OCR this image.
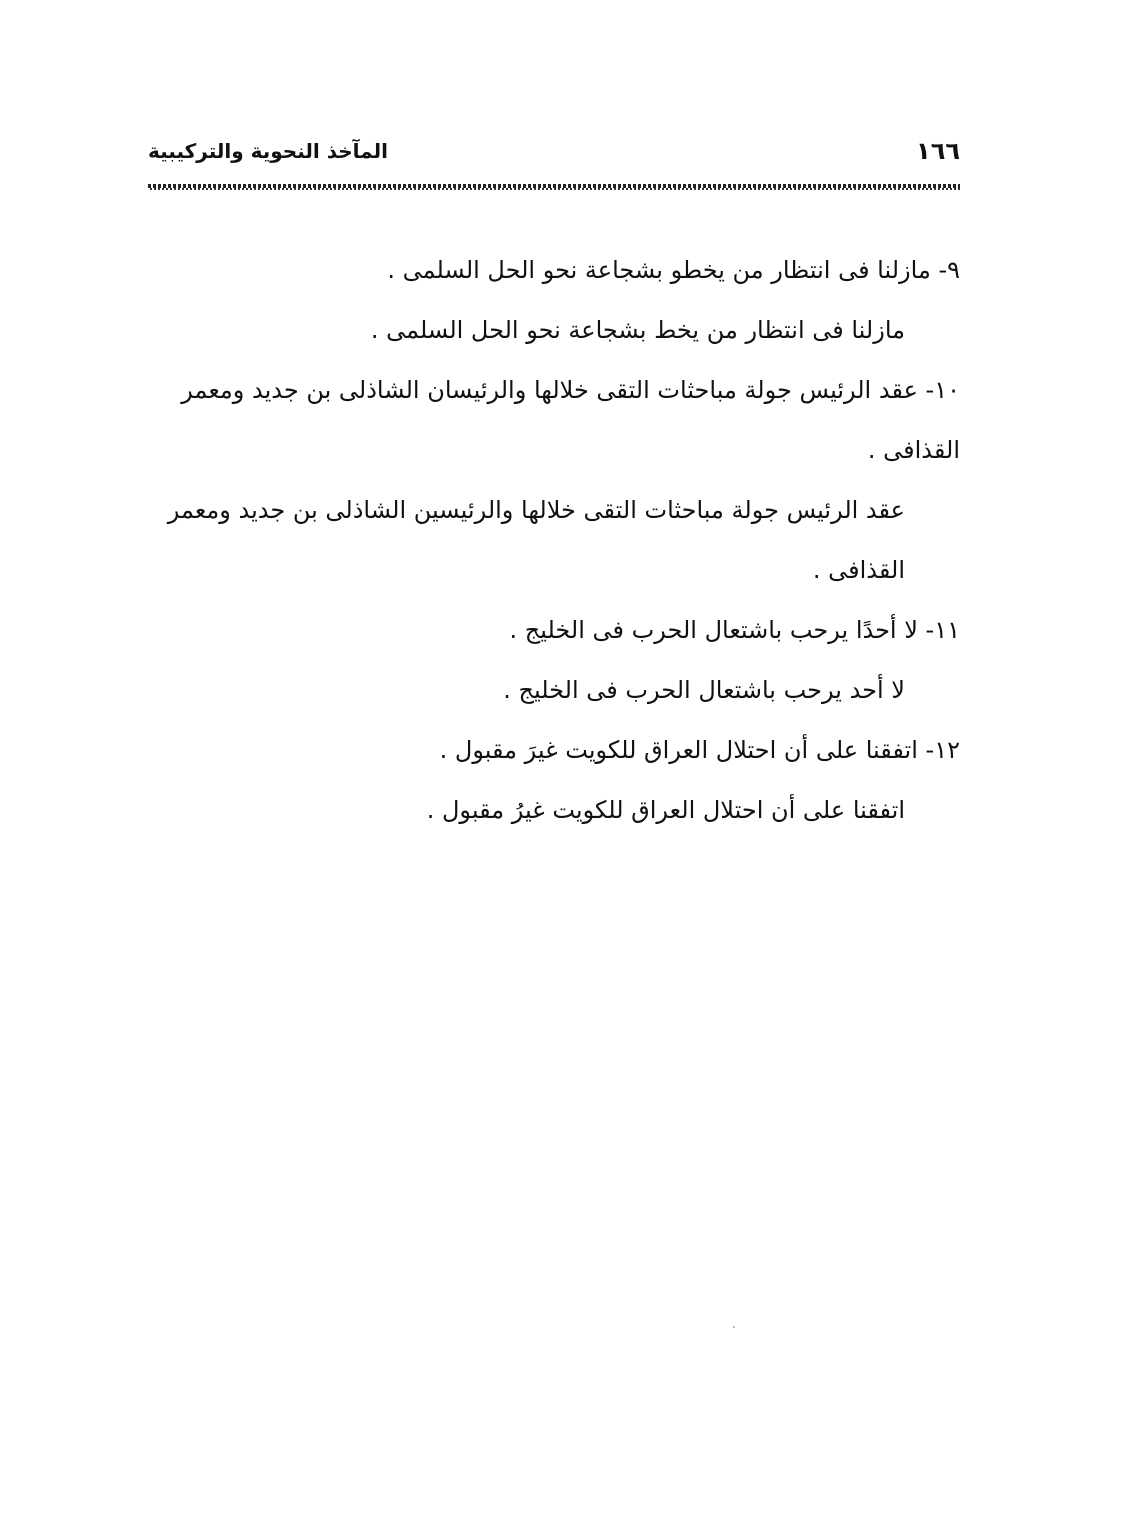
١٦٦
المآخذ النحوية والتركيبية

٩- مازلنا فى انتظار من يخطو بشجاعة نحو الحل السلمى .

مازلنا فى انتظار من يخط بشجاعة نحو الحل السلمى .

١٠- عقد الرئيس جولة مباحثات التقى خلالها والرئيسان الشاذلى بن جديد ومعمر القذافى .

عقد الرئيس جولة مباحثات التقى خلالها والرئيسين الشاذلى بن جديد ومعمر القذافى .

١١- لا أحدًا يرحب باشتعال الحرب فى الخليج .

لا أحد يرحب باشتعال الحرب فى الخليج .

١٢- اتفقنا على أن احتلال العراق للكويت غيرَ مقبول .

اتفقنا على أن احتلال العراق للكويت غيرُ مقبول .
